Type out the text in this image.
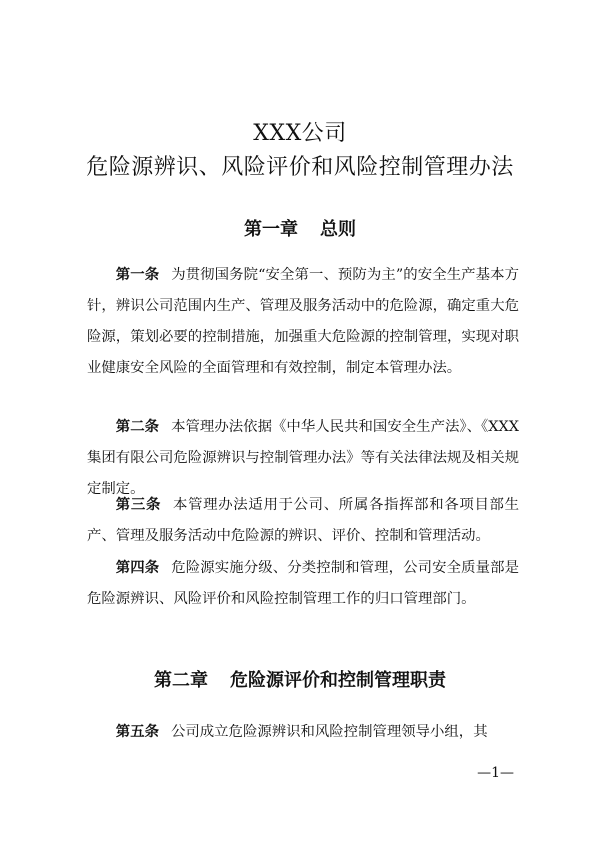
XXX公司
危险源辨识、风险评价和风险控制管理办法
第一章 总则
第一条 为贯彻国务院“安全第一、预防为主”的安全生产基本方针，辨识公司范围内生产、管理及服务活动中的危险源，确定重大危险源，策划必要的控制措施，加强重大危险源的控制管理，实现对职业健康安全风险的全面管理和有效控制，制定本管理办法。
第二条 本管理办法依据《中华人民共和国安全生产法》、《XXX集团有限公司危险源辨识与控制管理办法》等有关法律法规及相关规定制定。
第三条 本管理办法适用于公司、所属各指挥部和各项目部生产、管理及服务活动中危险源的辨识、评价、控制和管理活动。
第四条 危险源实施分级、分类控制和管理，公司安全质量部是危险源辨识、风险评价和风险控制管理工作的归口管理部门。
第二章 危险源评价和控制管理职责
第五条 公司成立危险源辨识和风险控制管理领导小组，其
—1—
